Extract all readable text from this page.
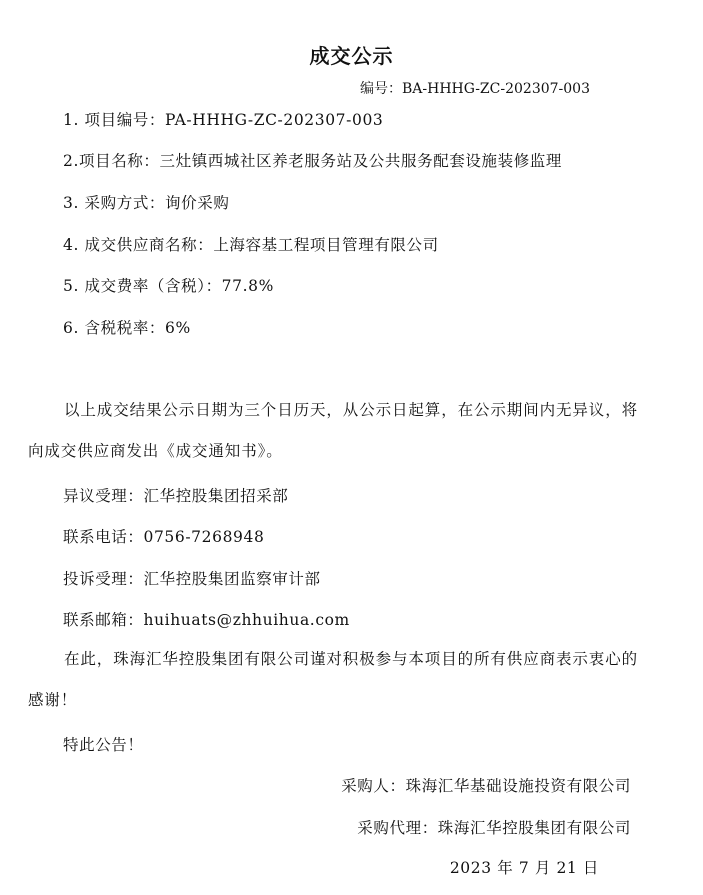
成交公示
编号：BA-HHHG-ZC-202307-003
1. 项目编号：PA-HHHG-ZC-202307-003
2.项目名称：三灶镇西城社区养老服务站及公共服务配套设施装修监理
3. 采购方式：询价采购
4. 成交供应商名称：上海容基工程项目管理有限公司
5. 成交费率（含税）：77.8%
6. 含税税率：6%
以上成交结果公示日期为三个日历天，从公示日起算，在公示期间内无异议，将向成交供应商发出《成交通知书》。
异议受理：汇华控股集团招采部
联系电话：0756-7268948
投诉受理：汇华控股集团监察审计部
联系邮箱：huihuats@zhhuihua.com
在此，珠海汇华控股集团有限公司谨对积极参与本项目的所有供应商表示衷心的感谢！
特此公告！
采购人：珠海汇华基础设施投资有限公司
采购代理：珠海汇华控股集团有限公司
2023 年 7 月 21 日
